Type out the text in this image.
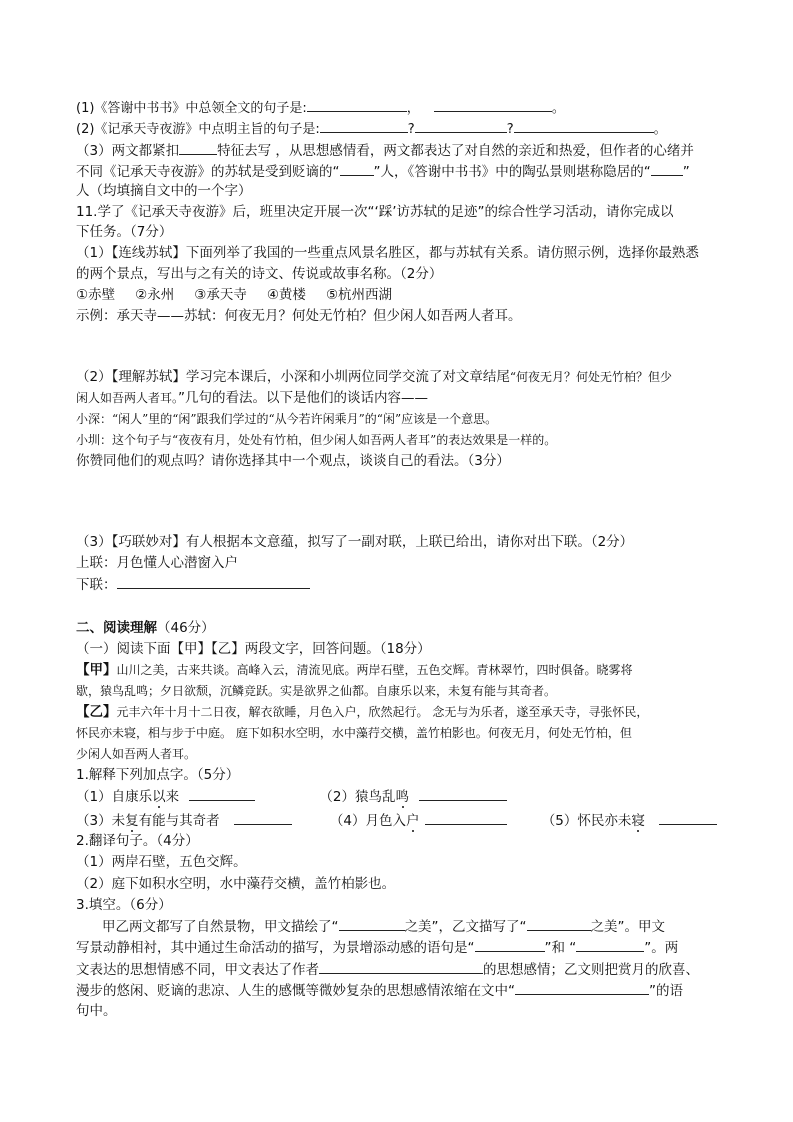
(1)《答谢中书书》中总领全文的句子是:	，	。
(2)《记承天寺夜游》中点明主旨的句子是:	?	?	。
（3）两文都紧扣	特征去写 ，从思想感情看，两文都表达了对自然的亲近和热爱，但作者的心绪并
不同《记承天寺夜游》的苏轼是受到贬谪的“	”人，《答谢中书书》中的陶弘景则堪称隐居的“ ”
人（均填摘自文中的一个字）
11.学了《记承天寺夜游》后，班里决定开展一次“‘踩’访苏轼的足迹”的综合性学习活动，请你完成以
下任务。（7分）
（1）【连线苏轼】下面列举了我国的一些重点风景名胜区，都与苏轼有关系。请仿照示例，选择你最熟悉
的两个景点，写出与之有关的诗文、传说或故事名称。（2分）
①赤壁 ②永州 ③承天寺 ④黄楼 ⑤杭州西湖
示例：承天寺——苏轼：何夜无月？何处无竹柏？但少闲人如吾两人者耳。
（2）【理解苏轼】学习完本课后，小深和小圳两位同学交流了对文章结尾“何夜无月？何处无竹柏？但少
闲人如吾两人者耳。”几句的看法。以下是他们的谈话内容——
小深：“闲人”里的“闲”跟我们学过的“从今若许闲乘月”的“闲”应该是一个意思。
小圳：这个句子与“夜夜有月，处处有竹柏，但少闲人如吾两人者耳”的表达效果是一样的。
你赞同他们的观点吗？请你选择其中一个观点，谈谈自己的看法。（3分）
（3）【巧联妙对】有人根据本文意蕴，拟写了一副对联，上联已给出，请你对出下联。（2分）
上联：月色懂人心潜窗入户
下联：
二、阅读理解（46分）
（一）阅读下面【甲】【乙】两段文字，回答问题。（18分）
【甲】山川之美，古来共谈。高峰入云，清流见底。两岸石壁，五色交辉。青林翠竹，四时俱备。晓雾将
歇，猿鸟乱鸣；夕日欲颓，沉鳞竞跃。实是欲界之仙都。自康乐以来，未复有能与其奇者。
【乙】元丰六年十月十二日夜，解衣欲睡，月色入户，欣然起行。 念无与为乐者，遂至承天寺，寻张怀民，
怀民亦未寝，相与步于中庭。 庭下如积水空明，水中藻荇交横，盖竹柏影也。何夜无月，何处无竹柏，但
少闲人如吾两人者耳。
1.解释下列加点字。（5分）
（1）自康乐以来	（2）猿鸟乱鸣
（3）未复有能与其奇者	（4）月色入户	（5）怀民亦未寝
2.翻译句子。（4分）
（1）两岸石壁，五色交辉。
（2）庭下如积水空明，水中藻荇交横，盖竹柏影也。
3.填空。（6分）
甲乙两文都写了自然景物，甲文描绘了“	之美”，乙文描写了“	之美”。甲文
写景动静相衬，其中通过生命活动的描写，为景增添动感的语句是“	”和 “	”。两
文表达的思想情感不同，甲文表达了作者	的思想感情；乙文则把赏月的欣喜、
漫步的悠闲、贬谪的悲凉、人生的感慨等微妙复杂的思想感情浓缩在文中“	”的语
句中。
